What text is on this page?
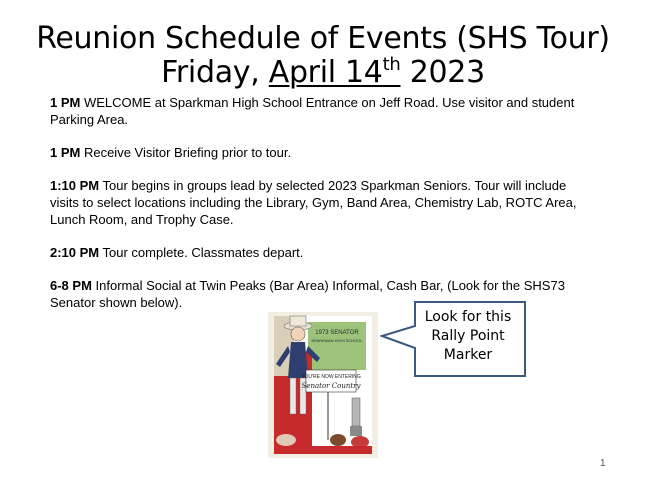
Reunion Schedule of Events (SHS Tour)
Friday, April 14th 2023

1 PM WELCOME at Sparkman High School Entrance on Jeff Road. Use visitor and student Parking Area.

1 PM Receive Visitor Briefing prior to tour.

1:10 PM Tour begins in groups lead by selected 2023 Sparkman Seniors. Tour will include visits to select locations including the Library, Gym, Band Area, Chemistry Lab, ROTC Area, Lunch Room, and Trophy Case.

2:10 PM Tour complete. Classmates depart.

6-8 PM Informal Social at Twin Peaks (Bar Area) Informal, Cash Bar, (Look for the SHS73 Senator shown below).

1973 SENATOR
SPARKMAN HIGH SCHOOL
YOU'RE NOW ENTERING
Senator Country
Look for this
Rally Point
Marker
1
